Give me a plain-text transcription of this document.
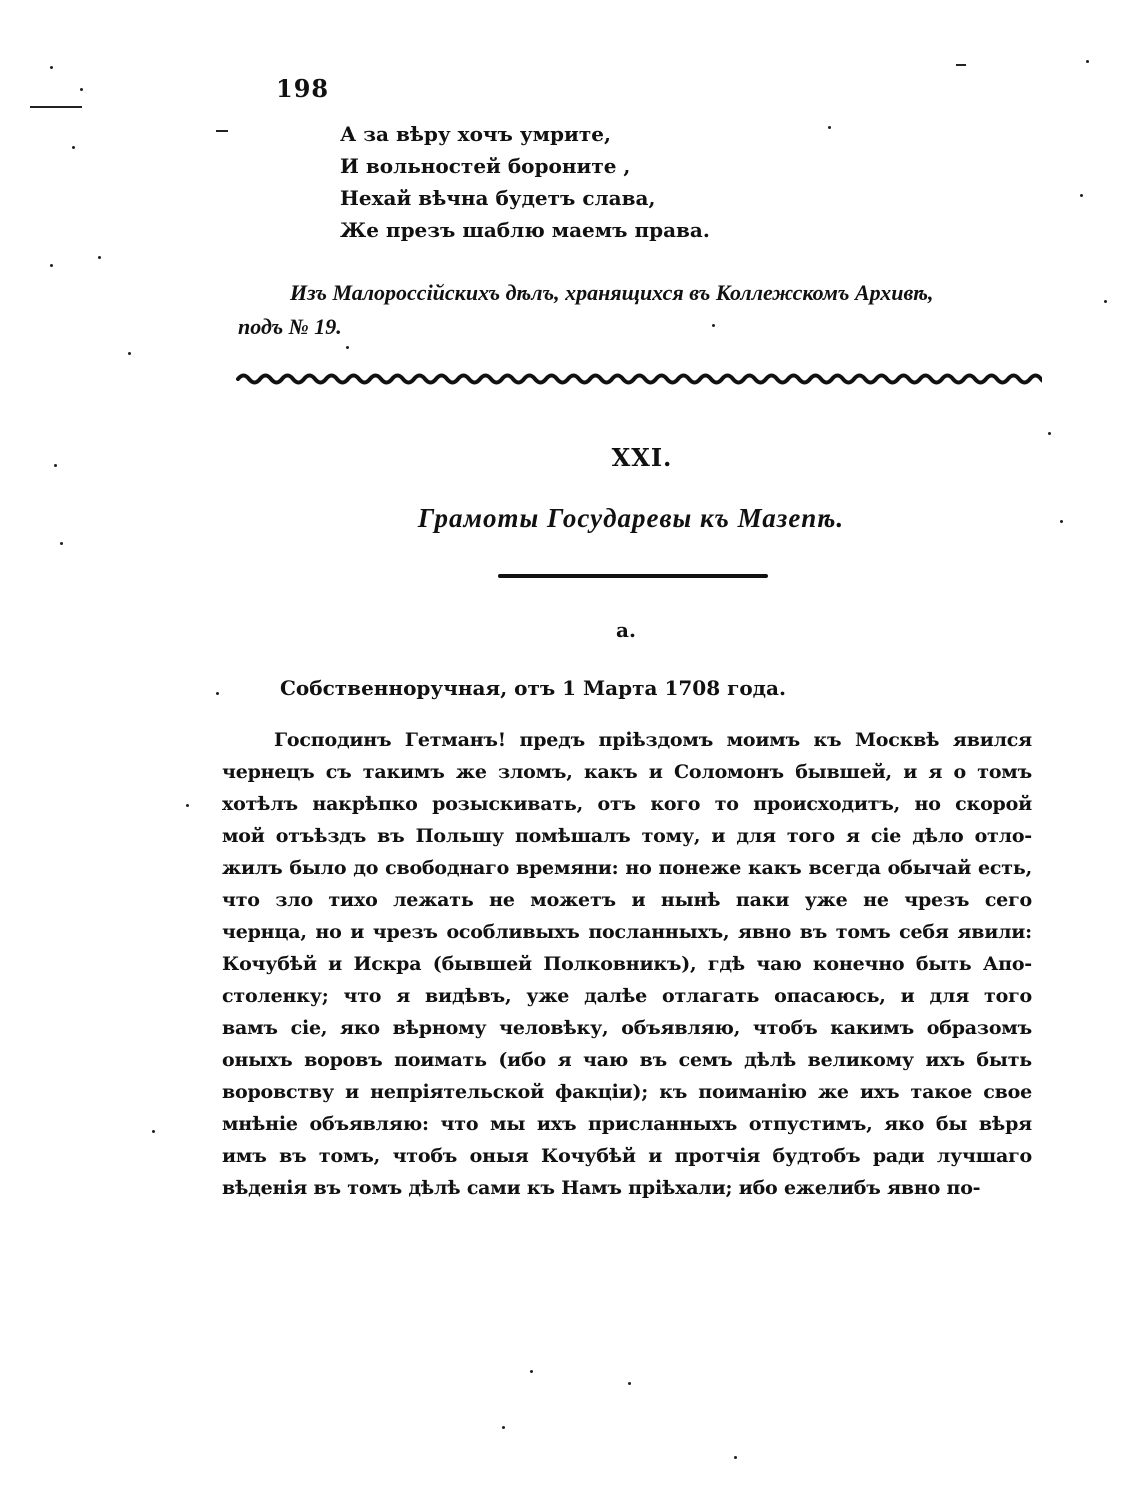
198
А за вѣру хочъ умрите,
И вольностей бороните ,
Нехай вѣчна будетъ слава,
Же презъ шаблю маемъ права.
Изъ Малороссійскихъ дѣлъ, хранящихся въ Коллежскомъ Архивѣ,
подъ № 19.
XXI.
Грамоты Государевы къ Мазепѣ.
а.
Собственноручная, отъ 1 Марта 1708 года.
Господинъ Гетманъ! предъ пріѣздомъ моимъ къ Москвѣ явился
чернецъ съ такимъ же зломъ, какъ и Соломонъ бывшей, и я о томъ
хотѣлъ накрѣпко розыскивать, отъ кого то происходитъ, но скорой
мой отъѣздъ въ Польшу помѣшалъ тому, и для того я сіе дѣло отло-
жилъ было до свободнаго времяни: но понеже какъ всегда обычай есть,
что зло тихо лежать не можетъ и нынѣ паки уже не чрезъ сего
чернца, но и чрезъ особливыхъ посланныхъ, явно въ томъ себя явили:
Кочубѣй и Искра (бывшей Полковникъ), гдѣ чаю конечно быть Апо-
столенку; что я видѣвъ, уже далѣе отлагать опасаюсь, и для того
вамъ сіе, яко вѣрному человѣку, объявляю, чтобъ какимъ образомъ
оныхъ воровъ поимать (ибо я чаю въ семъ дѣлѣ великому ихъ быть
воровству и непріятельской факціи); къ поиманію же ихъ такое свое
мнѣніе объявляю: что мы ихъ присланныхъ отпустимъ, яко бы вѣря
имъ въ томъ, чтобъ оныя Кочубѣй и протчія будтобъ ради лучшаго
вѣденія въ томъ дѣлѣ сами къ Намъ пріѣхали; ибо ежелибъ явно по-
